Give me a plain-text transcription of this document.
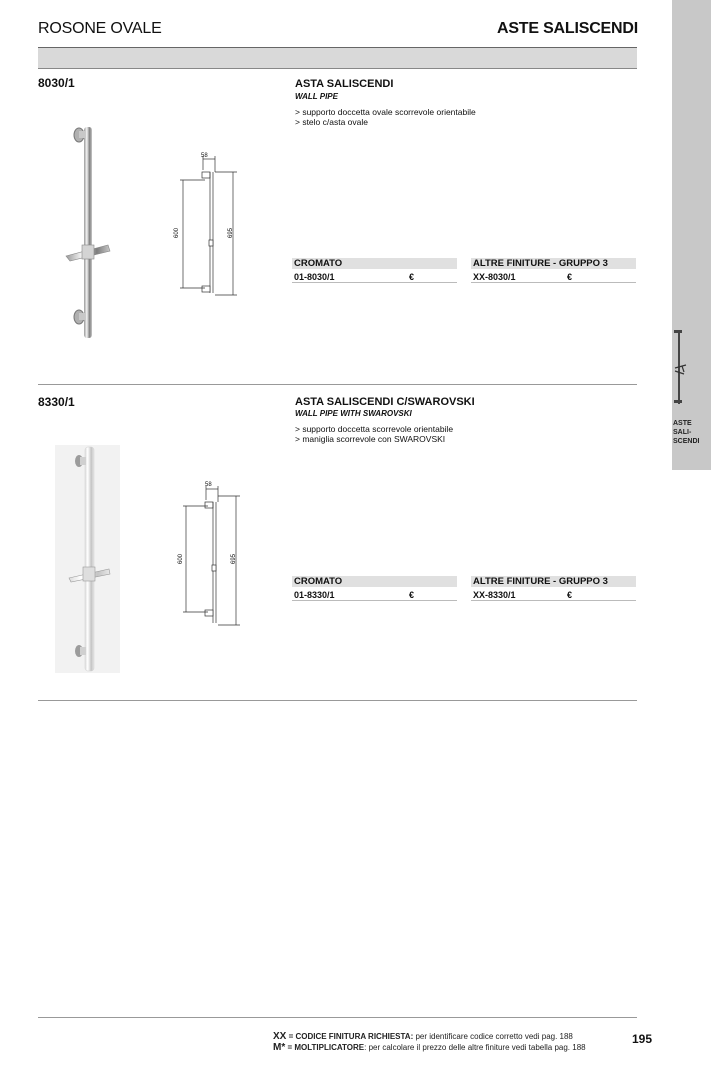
ROSONE OVALE	ASTE SALISCENDI
ASTE
SALI-
SCENDI
8030/1
58
600	695
ASTA SALISCENDI
WALL PIPE
> supporto doccetta ovale scorrevole orientabile
> stelo c/asta ovale
CROMATO
01-8030/1	€
ALTRE FINITURE - GRUPPO 3
XX-8030/1	€
8330/1
58
600	695
ASTA SALISCENDI C/SWAROVSKI
WALL PIPE WITH SWAROVSKI
> supporto doccetta scorrevole orientabile
> maniglia scorrevole con SWAROVSKI
CROMATO
01-8330/1	€
ALTRE FINITURE - GRUPPO 3
XX-8330/1	€
XX = CODICE FINITURA RICHIESTA: per identificare codice corretto vedi pag. 188
M* = MOLTIPLICATORE: per calcolare il prezzo delle altre finiture vedi tabella pag. 188
195
